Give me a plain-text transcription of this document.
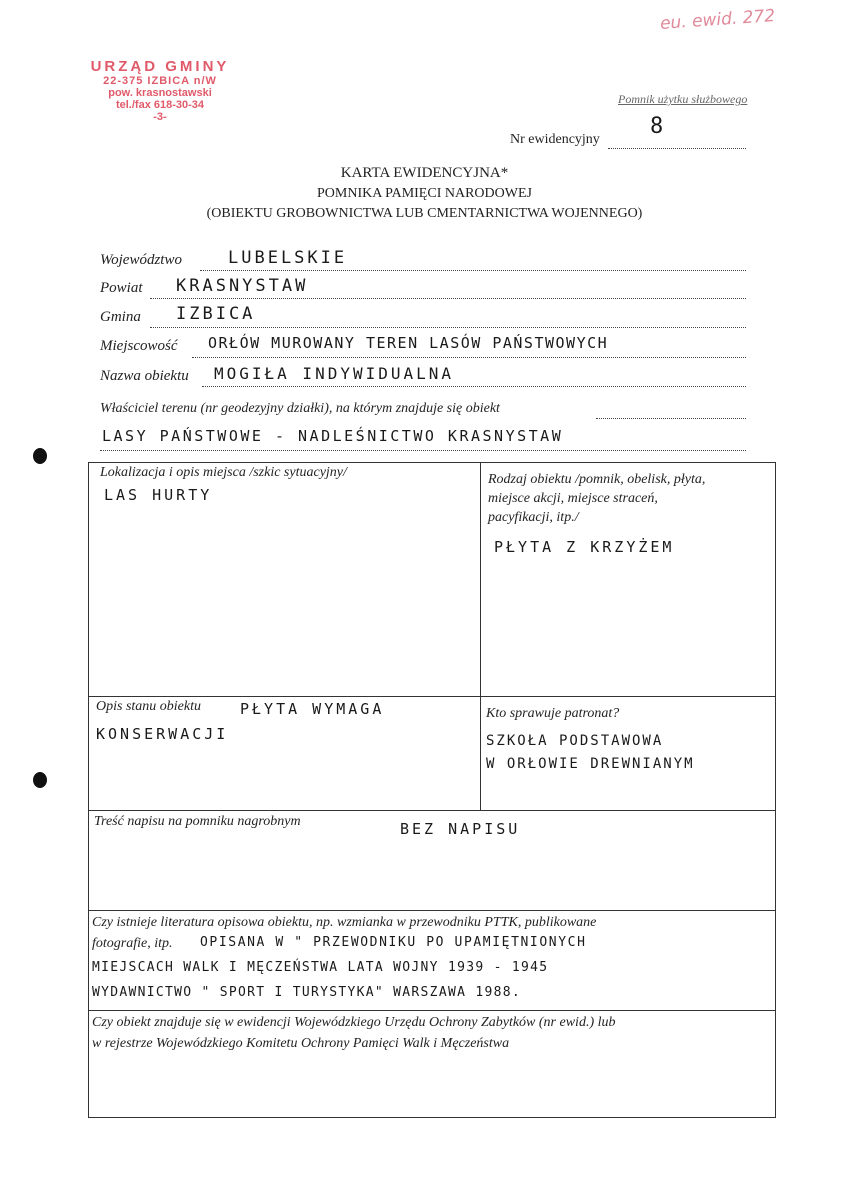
eu. ewid. 272
URZĄD GMINY
22-375 IZBICA n/W
pow. krasnostawski
tel./fax 618-30-34
-3-
Pomnik użytku służbowego
Nr ewidencyjny
8
KARTA EWIDENCYJNA*
POMNIKA PAMIĘCI NARODOWEJ
(OBIEKTU GROBOWNICTWA LUB CMENTARNICTWA WOJENNEGO)
Województwo	LUBELSKIE
Powiat KRASNYSTAW
Gmina IZBICA
Miejscowość ORŁÓW MUROWANY TEREN LASÓW PAŃSTWOWYCH
Nazwa obiektu MOGIŁA INDYWIDUALNA
Właściciel terenu (nr geodezyjny działki), na którym znajduje się obiekt
LASY PAŃSTWOWE - NADLEŚNICTWO KRASNYSTAW
Lokalizacja i opis miejsca /szkic sytuacyjny/
LAS HURTY
Rodzaj obiektu /pomnik, obelisk, płyta,
miejsce akcji, miejsce straceń,
pacyfikacji, itp./
PŁYTA Z KRZYŻEM
Opis stanu obiektu	PŁYTA WYMAGA
KONSERWACJI
Kto sprawuje patronat?
SZKOŁA PODSTAWOWA
W ORŁOWIE DREWNIANYM
Treść napisu na pomniku nagrobnym	BEZ NAPISU
Czy istnieje literatura opisowa obiektu, np. wzmianka w przewodniku PTTK, publikowane
fotografie, itp. OPISANA W " PRZEWODNIKU PO UPAMIĘTNIONYCH
MIEJSCACH WALK I MĘCZEŃSTWA LATA WOJNY 1939 - 1945
WYDAWNICTWO " SPORT I TURYSTYKA" WARSZAWA 1988.
Czy obiekt znajduje się w ewidencji Wojewódzkiego Urzędu Ochrony Zabytków (nr ewid.) lub
w rejestrze Wojewódzkiego Komitetu Ochrony Pamięci Walk i Męczeństwa
